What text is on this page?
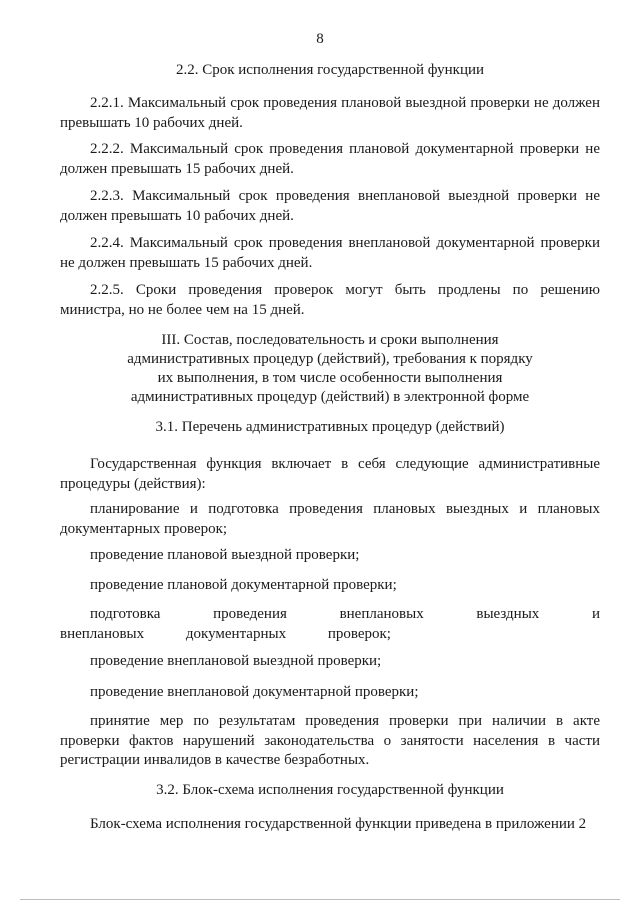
8
2.2. Срок исполнения государственной функции
2.2.1. Максимальный срок проведения плановой выездной проверки не должен превышать 10 рабочих дней.
2.2.2. Максимальный срок проведения плановой документарной проверки не должен превышать 15 рабочих дней.
2.2.3. Максимальный срок проведения внеплановой выездной проверки не должен превышать 10 рабочих дней.
2.2.4. Максимальный срок проведения внеплановой документарной проверки не должен превышать 15 рабочих дней.
2.2.5. Сроки проведения проверок могут быть продлены по решению министра, но не более чем на 15 дней.
III. Состав, последовательность и сроки выполнения
административных процедур (действий), требования к порядку
их выполнения, в том числе особенности выполнения
административных процедур (действий) в электронной форме
3.1. Перечень административных процедур (действий)
Государственная функция включает в себя следующие административные процедуры (действия):
планирование и подготовка проведения плановых выездных и плановых документарных проверок;
проведение плановой выездной проверки;
проведение плановой документарной проверки;
подготовка проведения внеплановых выездных и внеплановых документарных проверок;
проведение внеплановой выездной проверки;
проведение внеплановой документарной проверки;
принятие мер по результатам проведения проверки при наличии в акте проверки фактов нарушений законодательства о занятости населения в части регистрации инвалидов в качестве безработных.
3.2. Блок-схема исполнения государственной функции
Блок-схема исполнения государственной функции приведена в приложении 2
